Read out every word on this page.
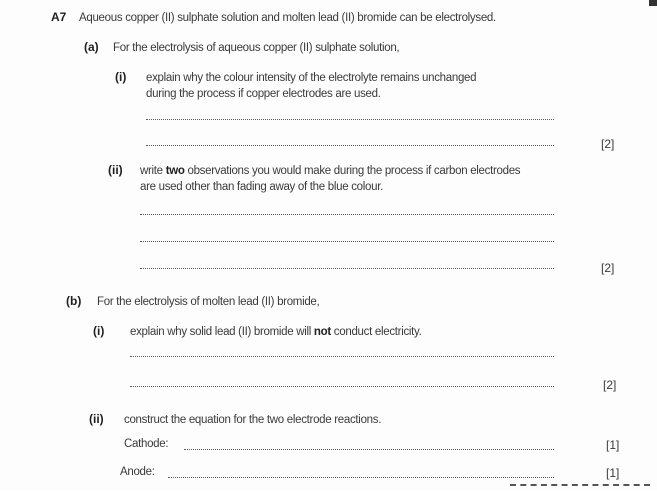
A7 Aqueous copper (II) sulphate solution and molten lead (II) bromide can be electrolysed.
(a) For the electrolysis of aqueous copper (II) sulphate solution,
(i) explain why the colour intensity of the electrolyte remains unchanged
during the process if copper electrodes are used.
[2]
(ii) write two observations you would make during the process if carbon electrodes
are used other than fading away of the blue colour.
[2]
(b) For the electrolysis of molten lead (II) bromide,
(i) explain why solid lead (II) bromide will not conduct electricity.
[2]
(ii) construct the equation for the two electrode reactions.
Cathode:	[1]
Anode:	[1]
